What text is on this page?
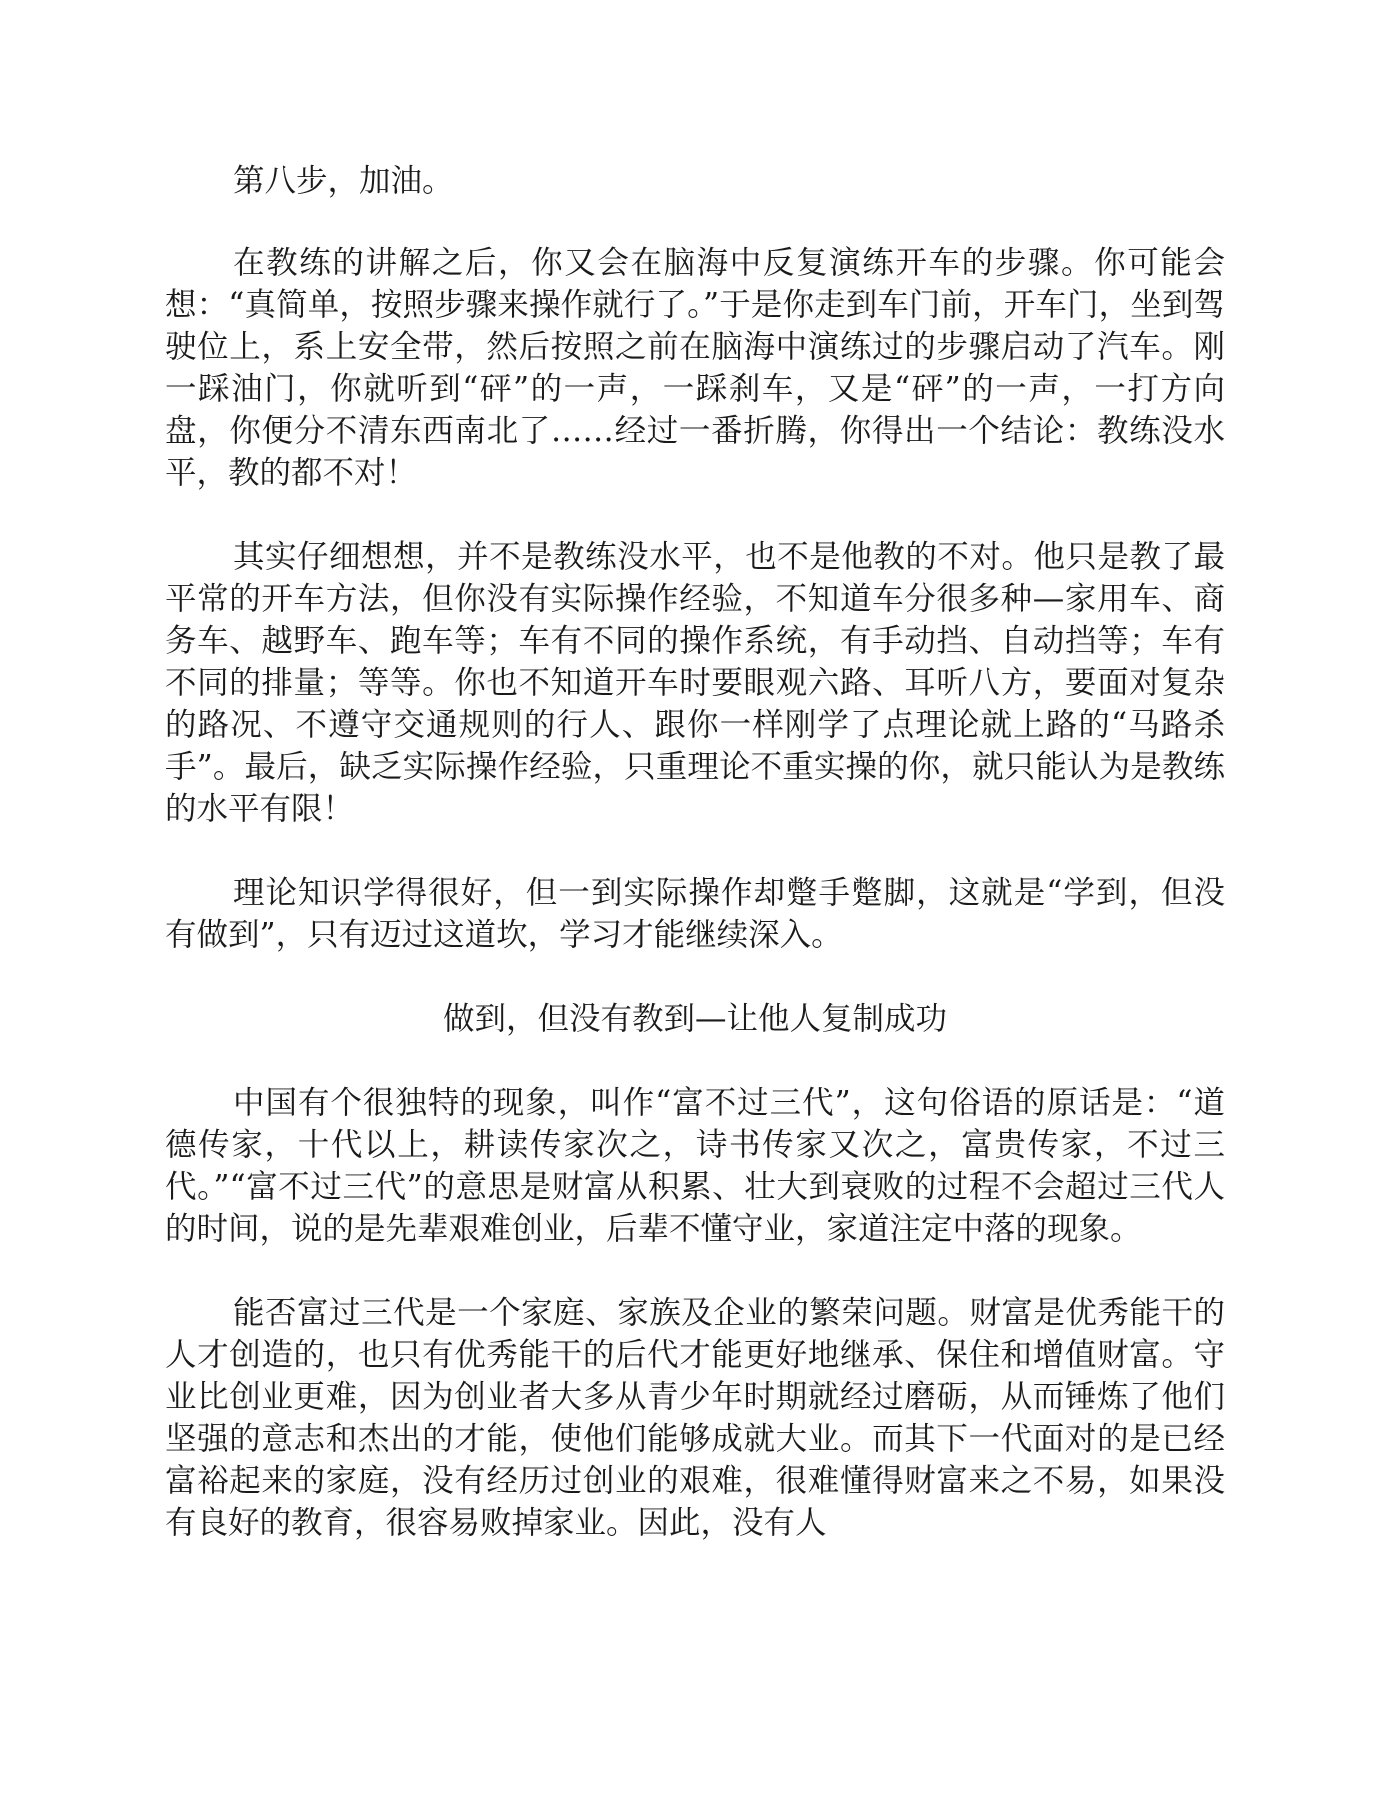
第八步，加油。

在教练的讲解之后，你又会在脑海中反复演练开车的步骤。你可能会想：“真简单，按照步骤来操作就行了。”于是你走到车门前，开车门，坐到驾驶位上，系上安全带，然后按照之前在脑海中演练过的步骤启动了汽车。刚一踩油门，你就听到“砰”的一声，一踩刹车，又是“砰”的一声，一打方向盘，你便分不清东西南北了……经过一番折腾，你得出一个结论：教练没水平，教的都不对！

其实仔细想想，并不是教练没水平，也不是他教的不对。他只是教了最平常的开车方法，但你没有实际操作经验，不知道车分很多种—家用车、商务车、越野车、跑车等；车有不同的操作系统，有手动挡、自动挡等；车有不同的排量；等等。你也不知道开车时要眼观六路、耳听八方，要面对复杂的路况、不遵守交通规则的行人、跟你一样刚学了点理论就上路的“马路杀手”。最后，缺乏实际操作经验，只重理论不重实操的你，就只能认为是教练的水平有限！

理论知识学得很好，但一到实际操作却蹩手蹩脚，这就是“学到，但没有做到”，只有迈过这道坎，学习才能继续深入。

做到，但没有教到—让他人复制成功

中国有个很独特的现象，叫作“富不过三代”，这句俗语的原话是：“道德传家，十代以上，耕读传家次之，诗书传家又次之，富贵传家，不过三代。”“富不过三代”的意思是财富从积累、壮大到衰败的过程不会超过三代人的时间，说的是先辈艰难创业，后辈不懂守业，家道注定中落的现象。

能否富过三代是一个家庭、家族及企业的繁荣问题。财富是优秀能干的人才创造的，也只有优秀能干的后代才能更好地继承、保住和增值财富。守业比创业更难，因为创业者大多从青少年时期就经过磨砺，从而锤炼了他们坚强的意志和杰出的才能，使他们能够成就大业。而其下一代面对的是已经富裕起来的家庭，没有经历过创业的艰难，很难懂得财富来之不易，如果没有良好的教育，很容易败掉家业。因此，没有人
